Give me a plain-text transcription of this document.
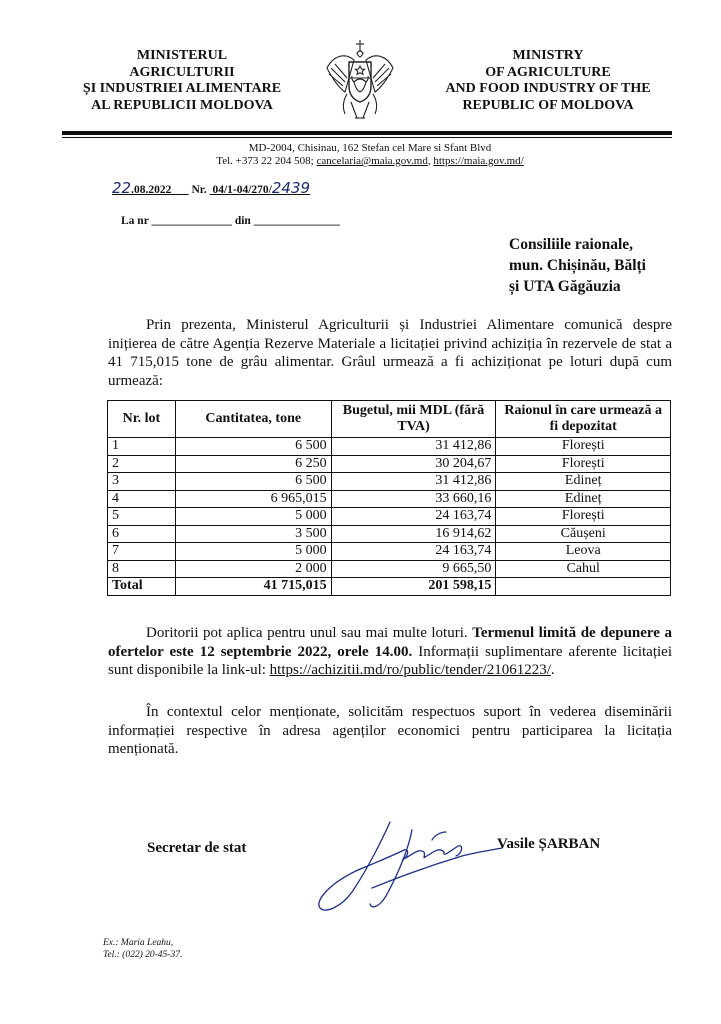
MINISTERUL
AGRICULTURII
ȘI INDUSTRIEI ALIMENTARE
AL REPUBLICII MOLDOVA
MINISTRY
OF AGRICULTURE
AND FOOD INDUSTRY OF THE
REPUBLIC OF MOLDOVA
MD-2004, Chisinau, 162 Stefan cel Mare si Sfant Blvd
Tel. +373 22 204 508; cancelaria@maia.gov.md, https://maia.gov.md/
22.08.2022 Nr. 04/1-04/270/2439
La nr ______________ din _______________
Consiliile raionale,
mun. Chișinău, Bălți
și UTA Găgăuzia
Prin prezenta, Ministerul Agriculturii și Industriei Alimentare comunică despre inițierea de către Agenția Rezerve Materiale a licitației privind achiziția în rezervele de stat a 41 715,015 tone de grâu alimentar. Grâul urmează a fi achiziționat pe loturi după cum urmează:
Nr. lot	Cantitatea, tone	Bugetul, mii MDL (fără TVA)	Raionul în care urmează a fi depozitat
1	6 500	31 412,86	Florești
2	6 250	30 204,67	Florești
3	6 500	31 412,86	Edineț
4	6 965,015	33 660,16	Edineț
5	5 000	24 163,74	Florești
6	3 500	16 914,62	Căușeni
7	5 000	24 163,74	Leova
8	2 000	9 665,50	Cahul
Total	41 715,015	201 598,15	
Doritorii pot aplica pentru unul sau mai multe loturi. Termenul limită de depunere a ofertelor este 12 septembrie 2022, orele 14.00. Informații suplimentare aferente licitației sunt disponibile la link-ul: https://achizitii.md/ro/public/tender/21061223/.
În contextul celor menționate, solicităm respectuos suport în vederea diseminării informației respective în adresa agenților economici pentru participarea la licitația menționată.
Secretar de stat	Vasile ȘARBAN
Ex.: Maria Leahu,
Tel.: (022) 20-45-37.
